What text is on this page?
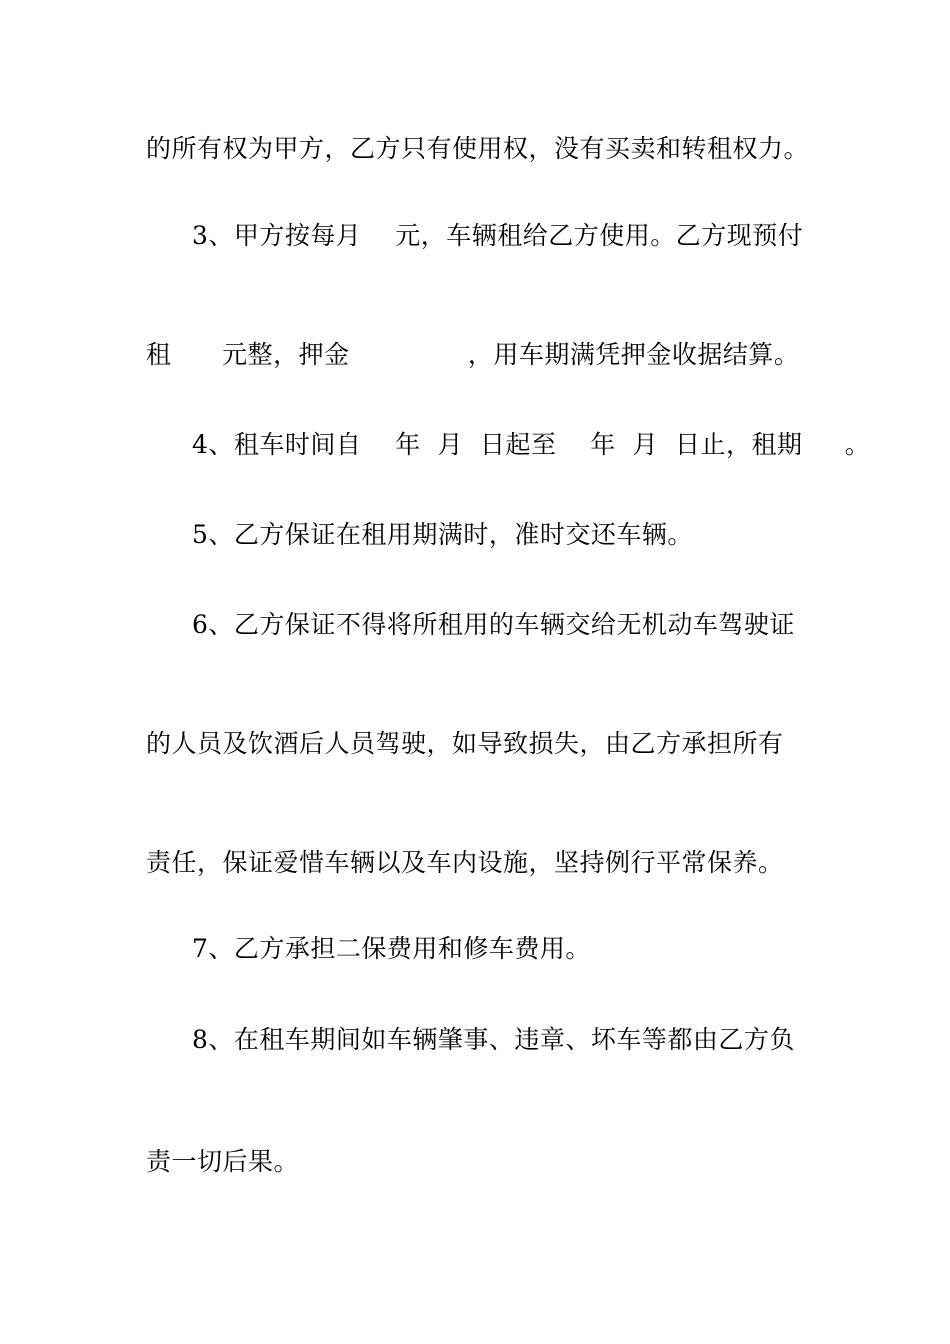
的所有权为甲方，乙方只有使用权，没有买卖和转租权力。
3、甲方按每月    元，车辆租给乙方使用。乙方现预付
租      元整，押金              ，用车期满凭押金收据结算。
4、租车时间自    年  月  日起至    年  月  日止，租期     。
5、乙方保证在租用期满时，准时交还车辆。
6、乙方保证不得将所租用的车辆交给无机动车驾驶证
的人员及饮酒后人员驾驶，如导致损失，由乙方承担所有
责任，保证爱惜车辆以及车内设施，坚持例行平常保养。
7、乙方承担二保费用和修车费用。
8、在租车期间如车辆肇事、违章、坏车等都由乙方负
责一切后果。
